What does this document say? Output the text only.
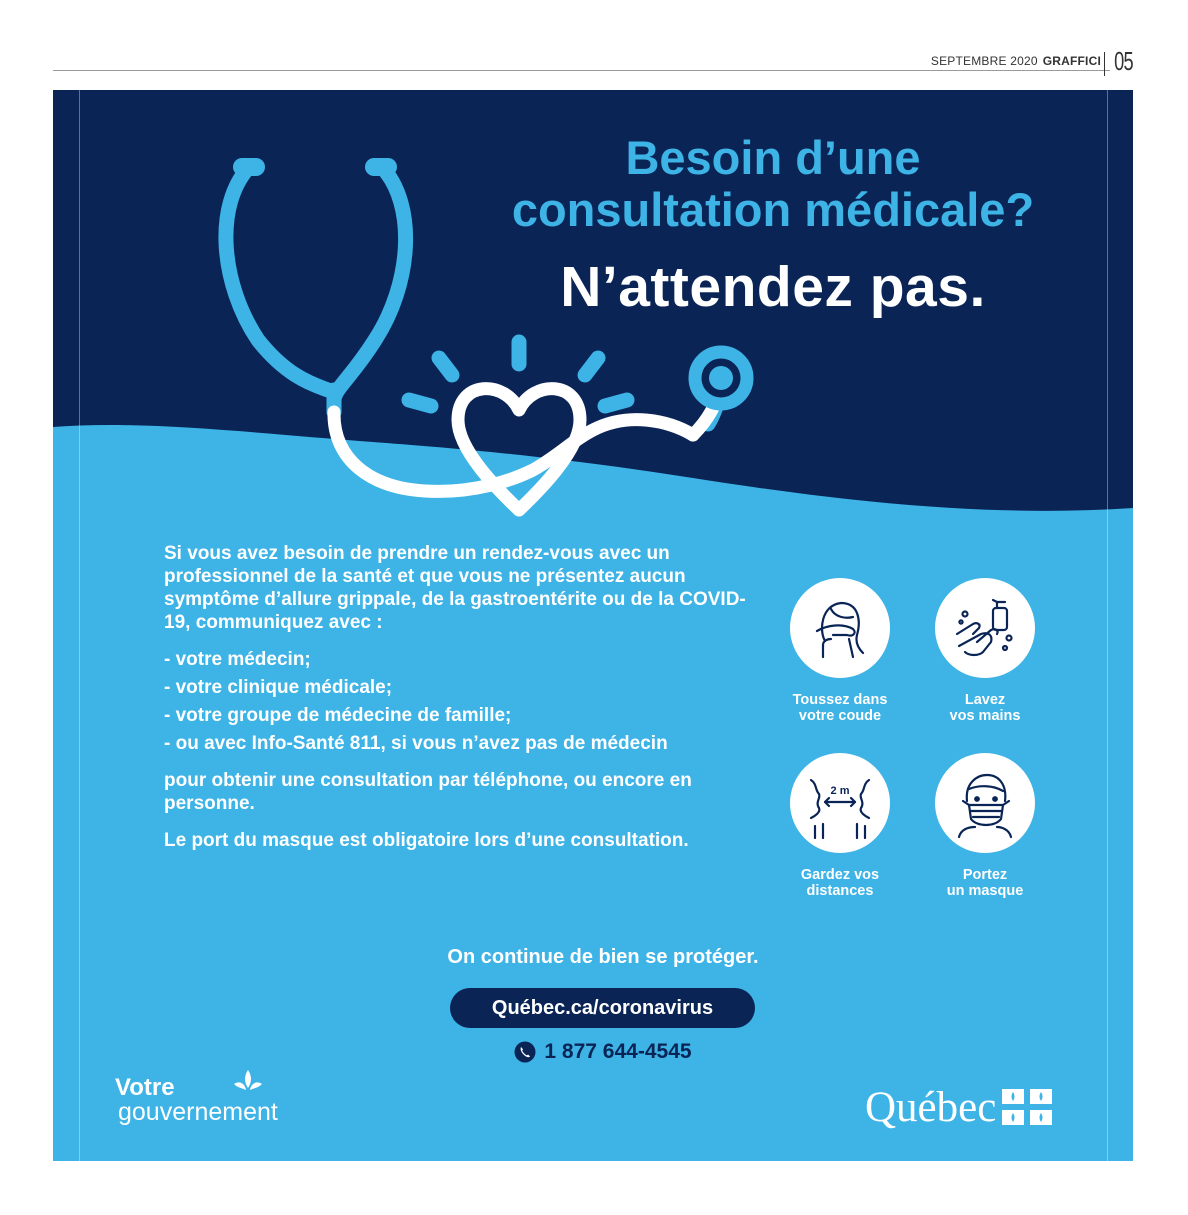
SEPTEMBRE 2020 GRAFFICI 05
Besoin d’une
consultation médicale?
N’attendez pas.

Si vous avez besoin de prendre un rendez-vous avec un professionnel de la santé et que vous ne présentez aucun symptôme d’allure grippale, de la gastroentérite ou de la COVID-19, communiquez avec :

- votre médecin;
- votre clinique médicale;
- votre groupe de médecine de famille;
- ou avec Info-Santé 811, si vous n’avez pas de médecin

pour obtenir une consultation par téléphone, ou encore en personne.

Le port du masque est obligatoire lors d’une consultation.

Toussez dans
votre coude
Lavez
vos mains
2 m
Gardez vos
distances
Portez
un masque
On continue de bien se protéger.
Québec.ca/coronavirus
1 877 644-4545
Votre
gouvernement	Québec
